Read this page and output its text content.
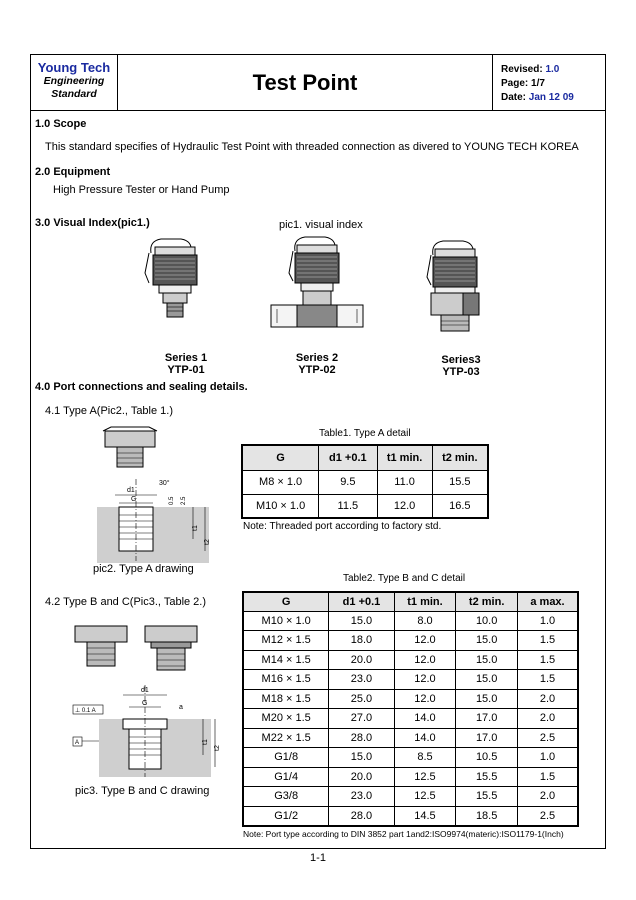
Young Tech
Engineering
Standard	Test Point
Revised: 1.0
Page: 1/7
Date: Jan 12 09
1.0 Scope
This standard specifies of Hydraulic Test Point with threaded connection as divered to YOUNG TECH KOREA
2.0 Equipment
High Pressure Tester or Hand Pump
3.0 Visual Index(pic1.)	pic1. visual index
Series 1
YTP-01
Series 2
YTP-02
Series3
YTP-03
4.0 Port connections and sealing details.
4.1 Type A(Pic2., Table 1.)
d1
G
30°
0.5 2.5
t1
t2
pic2. Type A drawing
Table1. Type A detail
G	d1 +0.1	t1 min.	t2 min.
M8 × 1.0	9.5	11.0	15.5
M10 × 1.0	11.5	12.0	16.5
Note: Threaded port according to factory std.
Table2. Type B and C detail
4.2 Type B and C(Pic3., Table 2.)
d1
G
a
⊥ 0.1 A
A	t1
t2
pic3. Type B and C drawing
G	d1 +0.1	t1 min.	t2 min.	a max.
M10 × 1.0	15.0	8.0	10.0	1.0
M12 × 1.5	18.0	12.0	15.0	1.5
M14 × 1.5	20.0	12.0	15.0	1.5
M16 × 1.5	23.0	12.0	15.0	1.5
M18 × 1.5	25.0	12.0	15.0	2.0
M20 × 1.5	27.0	14.0	17.0	2.0
M22 × 1.5	28.0	14.0	17.0	2.5
G1/8	15.0	8.5	10.5	1.0
G1/4	20.0	12.5	15.5	1.5
G3/8	23.0	12.5	15.5	2.0
G1/2	28.0	14.5	18.5	2.5
Note: Port type according to DIN 3852 part 1and2:ISO9974(materic):ISO1179-1(Inch)
1-1
